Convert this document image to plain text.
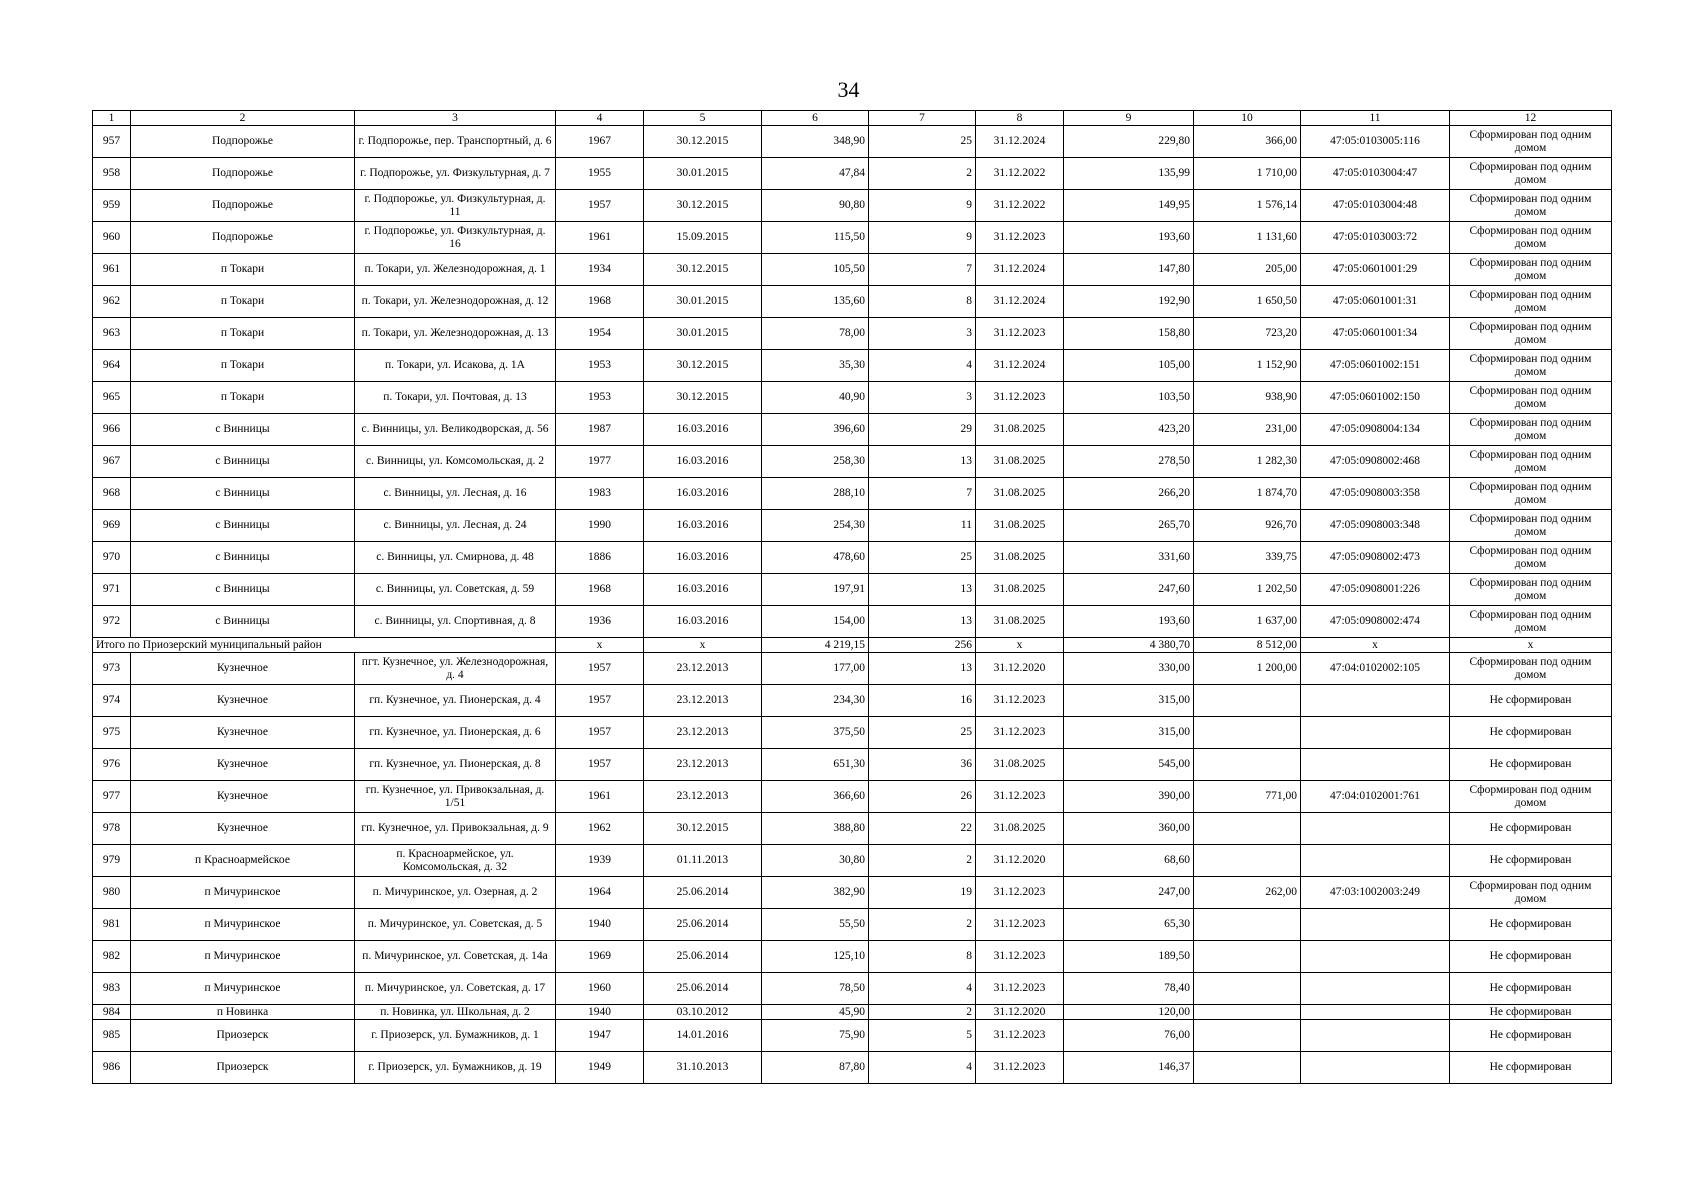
34
1	2	3	4	5	6	7	8	9	10	11	12
957	Подпорожье	г. Подпорожье, пер. Транспортный, д. 6	1967	30.12.2015	348,90	25	31.12.2024	229,80	366,00	47:05:0103005:116	Сформирован под одним домом
958	Подпорожье	г. Подпорожье, ул. Физкультурная, д. 7	1955	30.01.2015	47,84	2	31.12.2022	135,99	1 710,00	47:05:0103004:47	Сформирован под одним домом
959	Подпорожье	г. Подпорожье, ул. Физкультурная, д. 11	1957	30.12.2015	90,80	9	31.12.2022	149,95	1 576,14	47:05:0103004:48	Сформирован под одним домом
960	Подпорожье	г. Подпорожье, ул. Физкультурная, д. 16	1961	15.09.2015	115,50	9	31.12.2023	193,60	1 131,60	47:05:0103003:72	Сформирован под одним домом
961	п Токари	п. Токари, ул. Железнодорожная, д. 1	1934	30.12.2015	105,50	7	31.12.2024	147,80	205,00	47:05:0601001:29	Сформирован под одним домом
962	п Токари	п. Токари, ул. Железнодорожная, д. 12	1968	30.01.2015	135,60	8	31.12.2024	192,90	1 650,50	47:05:0601001:31	Сформирован под одним домом
963	п Токари	п. Токари, ул. Железнодорожная, д. 13	1954	30.01.2015	78,00	3	31.12.2023	158,80	723,20	47:05:0601001:34	Сформирован под одним домом
964	п Токари	п. Токари, ул. Исакова, д. 1А	1953	30.12.2015	35,30	4	31.12.2024	105,00	1 152,90	47:05:0601002:151	Сформирован под одним домом
965	п Токари	п. Токари, ул. Почтовая, д. 13	1953	30.12.2015	40,90	3	31.12.2023	103,50	938,90	47:05:0601002:150	Сформирован под одним домом
966	с Винницы	с. Винницы, ул. Великодворская, д. 56	1987	16.03.2016	396,60	29	31.08.2025	423,20	231,00	47:05:0908004:134	Сформирован под одним домом
967	с Винницы	с. Винницы, ул. Комсомольская, д. 2	1977	16.03.2016	258,30	13	31.08.2025	278,50	1 282,30	47:05:0908002:468	Сформирован под одним домом
968	с Винницы	с. Винницы, ул. Лесная, д. 16	1983	16.03.2016	288,10	7	31.08.2025	266,20	1 874,70	47:05:0908003:358	Сформирован под одним домом
969	с Винницы	с. Винницы, ул. Лесная, д. 24	1990	16.03.2016	254,30	11	31.08.2025	265,70	926,70	47:05:0908003:348	Сформирован под одним домом
970	с Винницы	с. Винницы, ул. Смирнова, д. 48	1886	16.03.2016	478,60	25	31.08.2025	331,60	339,75	47:05:0908002:473	Сформирован под одним домом
971	с Винницы	с. Винницы, ул. Советская, д. 59	1968	16.03.2016	197,91	13	31.08.2025	247,60	1 202,50	47:05:0908001:226	Сформирован под одним домом
972	с Винницы	с. Винницы, ул. Спортивная, д. 8	1936	16.03.2016	154,00	13	31.08.2025	193,60	1 637,00	47:05:0908002:474	Сформирован под одним домом
Итого по Приозерский муниципальный район			х	х	4 219,15	256	х	4 380,70	8 512,00	х	х
973	Кузнечное	пгт. Кузнечное, ул. Железнодорожная, д. 4	1957	23.12.2013	177,00	13	31.12.2020	330,00	1 200,00	47:04:0102002:105	Сформирован под одним домом
974	Кузнечное	гп. Кузнечное, ул. Пионерская, д. 4	1957	23.12.2013	234,30	16	31.12.2023	315,00			Не сформирован
975	Кузнечное	гп. Кузнечное, ул. Пионерская, д. 6	1957	23.12.2013	375,50	25	31.12.2023	315,00			Не сформирован
976	Кузнечное	гп. Кузнечное, ул. Пионерская, д. 8	1957	23.12.2013	651,30	36	31.08.2025	545,00			Не сформирован
977	Кузнечное	гп. Кузнечное, ул. Привокзальная, д. 1/51	1961	23.12.2013	366,60	26	31.12.2023	390,00	771,00	47:04:0102001:761	Сформирован под одним домом
978	Кузнечное	гп. Кузнечное, ул. Привокзальная, д. 9	1962	30.12.2015	388,80	22	31.08.2025	360,00			Не сформирован
979	п Красноармейское	п. Красноармейское, ул. Комсомольская, д. 32	1939	01.11.2013	30,80	2	31.12.2020	68,60			Не сформирован
980	п Мичуринское	п. Мичуринское, ул. Озерная, д. 2	1964	25.06.2014	382,90	19	31.12.2023	247,00	262,00	47:03:1002003:249	Сформирован под одним домом
981	п Мичуринское	п. Мичуринское, ул. Советская, д. 5	1940	25.06.2014	55,50	2	31.12.2023	65,30			Не сформирован
982	п Мичуринское	п. Мичуринское, ул. Советская, д. 14а	1969	25.06.2014	125,10	8	31.12.2023	189,50			Не сформирован
983	п Мичуринское	п. Мичуринское, ул. Советская, д. 17	1960	25.06.2014	78,50	4	31.12.2023	78,40			Не сформирован
984	п Новинка	п. Новинка, ул. Школьная, д. 2	1940	03.10.2012	45,90	2	31.12.2020	120,00			Не сформирован
985	Приозерск	г. Приозерск, ул. Бумажников, д. 1	1947	14.01.2016	75,90	5	31.12.2023	76,00			Не сформирован
986	Приозерск	г. Приозерск, ул. Бумажников, д. 19	1949	31.10.2013	87,80	4	31.12.2023	146,37			Не сформирован
